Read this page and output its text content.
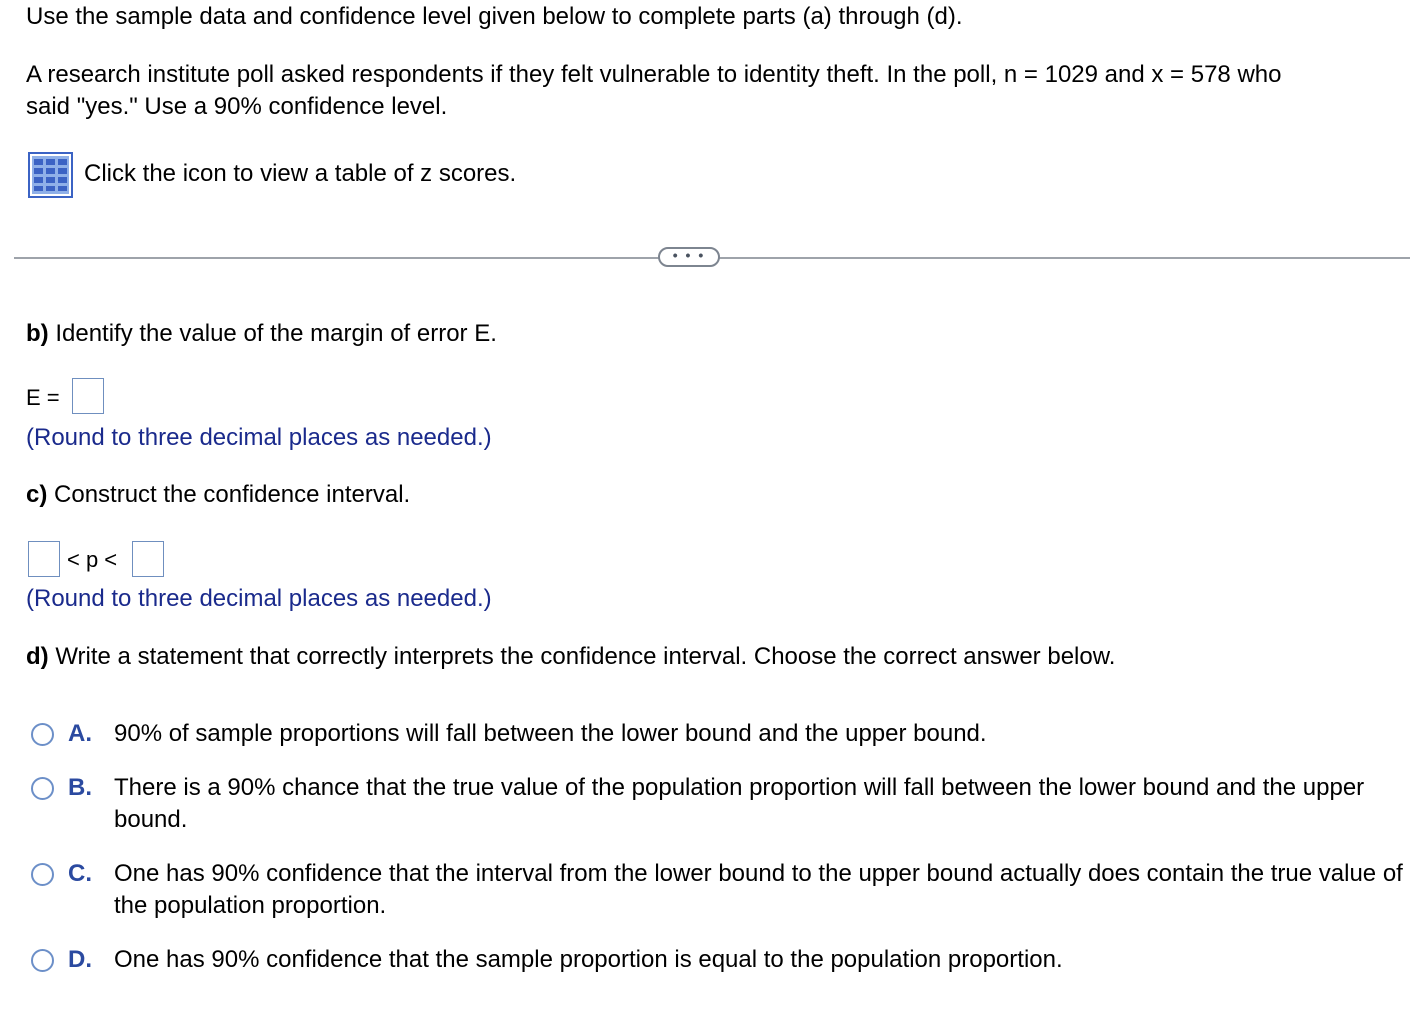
Use the sample data and confidence level given below to complete parts (a) through (d).
A research institute poll asked respondents if they felt vulnerable to identity theft. In the poll, n = 1029 and x = 578 who
said "yes." Use a 90% confidence level.
Click the icon to view a table of z scores.
• • •
b) Identify the value of the margin of error E.
E =
(Round to three decimal places as needed.)
c) Construct the confidence interval.
< p <
(Round to three decimal places as needed.)
d) Write a statement that correctly interprets the confidence interval. Choose the correct answer below.
A. 90% of sample proportions will fall between the lower bound and the upper bound.
B. There is a 90% chance that the true value of the population proportion will fall between the lower bound and the upper bound.
C. One has 90% confidence that the interval from the lower bound to the upper bound actually does contain the true value of the population proportion.
D. One has 90% confidence that the sample proportion is equal to the population proportion.
